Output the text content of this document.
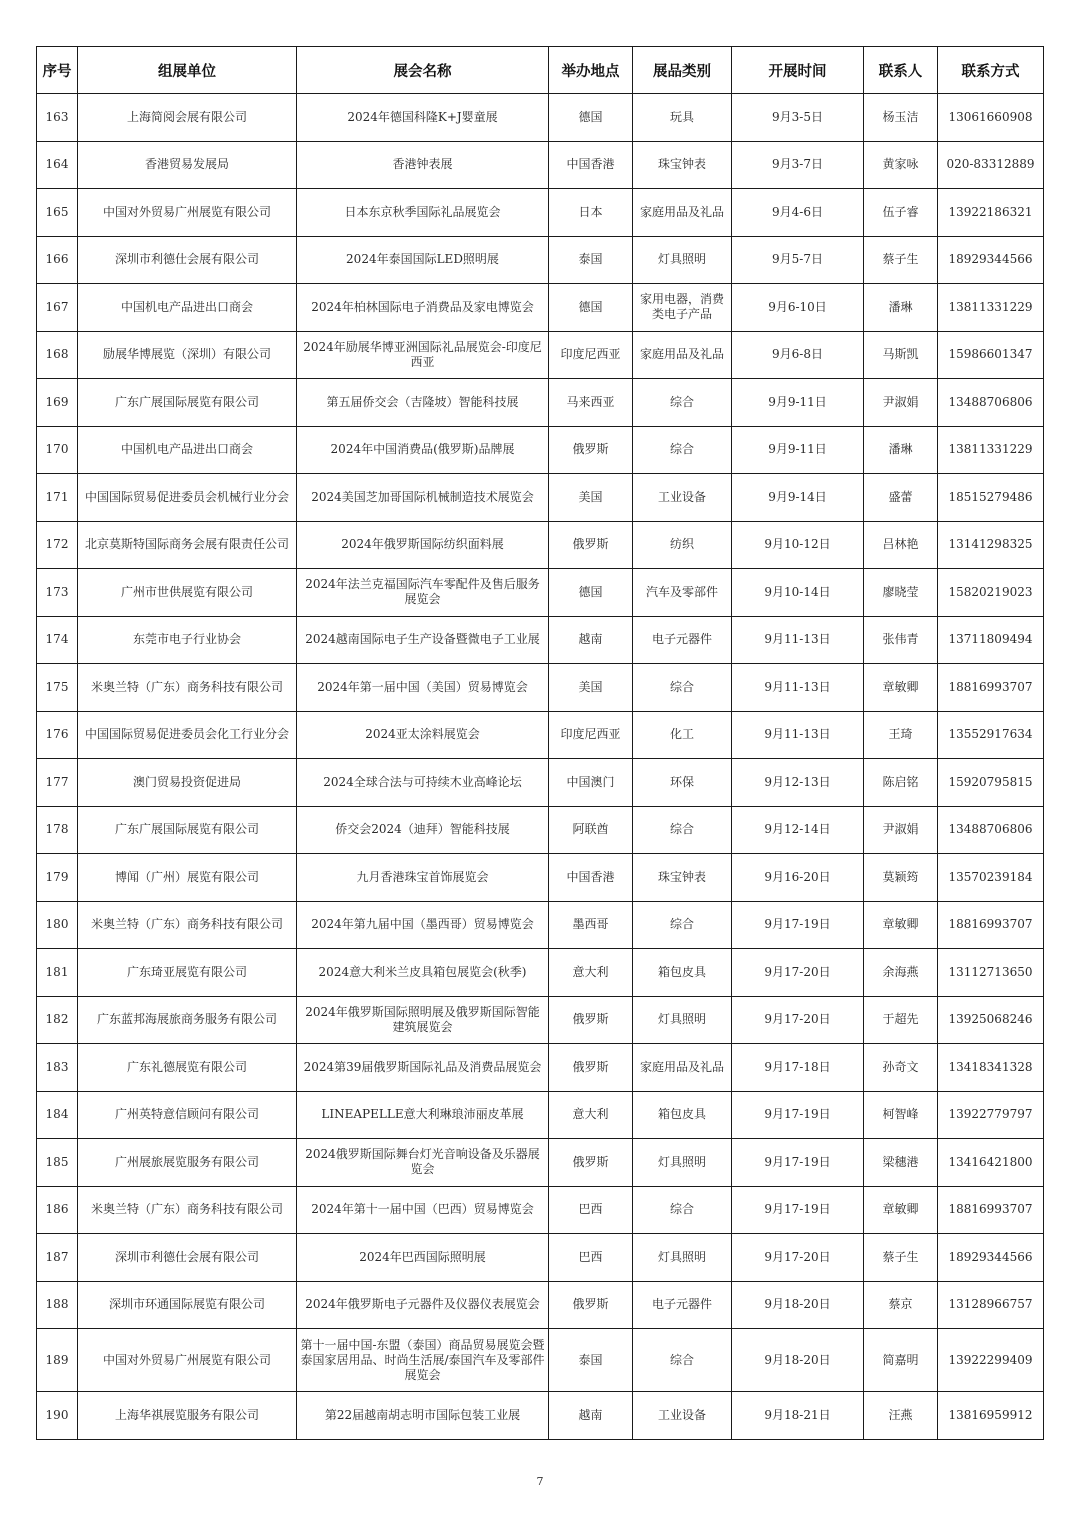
序号	组展单位	展会名称	举办地点	展品类别	开展时间	联系人	联系方式
163	上海简阅会展有限公司	2024年德国科隆K+J婴童展	德国	玩具	9月3-5日	杨玉洁	13061660908
164	香港贸易发展局	香港钟表展	中国香港	珠宝钟表	9月3-7日	黄家咏	020-83312889
165	中国对外贸易广州展览有限公司	日本东京秋季国际礼品展览会	日本	家庭用品及礼品	9月4-6日	伍子睿	13922186321
166	深圳市利德仕会展有限公司	2024年泰国国际LED照明展	泰国	灯具照明	9月5-7日	蔡子生	18929344566
167	中国机电产品进出口商会	2024年柏林国际电子消费品及家电博览会	德国	家用电器，消费类电子产品	9月6-10日	潘琳	13811331229
168	励展华博展览（深圳）有限公司	2024年励展华博亚洲国际礼品展览会-印度尼西亚	印度尼西亚	家庭用品及礼品	9月6-8日	马斯凯	15986601347
169	广东广展国际展览有限公司	第五届侨交会（吉隆坡）智能科技展	马来西亚	综合	9月9-11日	尹淑娟	13488706806
170	中国机电产品进出口商会	2024年中国消费品(俄罗斯)品牌展	俄罗斯	综合	9月9-11日	潘琳	13811331229
171	中国国际贸易促进委员会机械行业分会	2024美国芝加哥国际机械制造技术展览会	美国	工业设备	9月9-14日	盛蕾	18515279486
172	北京莫斯特国际商务会展有限责任公司	2024年俄罗斯国际纺织面料展	俄罗斯	纺织	9月10-12日	吕林艳	13141298325
173	广州市世供展览有限公司	2024年法兰克福国际汽车零配件及售后服务展览会	德国	汽车及零部件	9月10-14日	廖晓莹	15820219023
174	东莞市电子行业协会	2024越南国际电子生产设备暨微电子工业展	越南	电子元器件	9月11-13日	张伟青	13711809494
175	米奥兰特（广东）商务科技有限公司	2024年第一届中国（美国）贸易博览会	美国	综合	9月11-13日	章敏卿	18816993707
176	中国国际贸易促进委员会化工行业分会	2024亚太涂料展览会	印度尼西亚	化工	9月11-13日	王琦	13552917634
177	澳门贸易投资促进局	2024全球合法与可持续木业高峰论坛	中国澳门	环保	9月12-13日	陈启铭	15920795815
178	广东广展国际展览有限公司	侨交会2024（迪拜）智能科技展	阿联酋	综合	9月12-14日	尹淑娟	13488706806
179	博闻（广州）展览有限公司	九月香港珠宝首饰展览会	中国香港	珠宝钟表	9月16-20日	莫颖筠	13570239184
180	米奥兰特（广东）商务科技有限公司	2024年第九届中国（墨西哥）贸易博览会	墨西哥	综合	9月17-19日	章敏卿	18816993707
181	广东琦亚展览有限公司	2024意大利米兰皮具箱包展览会(秋季)	意大利	箱包皮具	9月17-20日	余海燕	13112713650
182	广东蓝邦海展旅商务服务有限公司	2024年俄罗斯国际照明展及俄罗斯国际智能建筑展览会	俄罗斯	灯具照明	9月17-20日	于超先	13925068246
183	广东礼德展览有限公司	2024第39届俄罗斯国际礼品及消费品展览会	俄罗斯	家庭用品及礼品	9月17-18日	孙奇文	13418341328
184	广州英特意信顾问有限公司	LINEAPELLE意大利琳琅沛丽皮革展	意大利	箱包皮具	9月17-19日	柯智峰	13922779797
185	广州展旅展览服务有限公司	2024俄罗斯国际舞台灯光音响设备及乐器展览会	俄罗斯	灯具照明	9月17-19日	梁穗港	13416421800
186	米奥兰特（广东）商务科技有限公司	2024年第十一届中国（巴西）贸易博览会	巴西	综合	9月17-19日	章敏卿	18816993707
187	深圳市利德仕会展有限公司	2024年巴西国际照明展	巴西	灯具照明	9月17-20日	蔡子生	18929344566
188	深圳市环通国际展览有限公司	2024年俄罗斯电子元器件及仪器仪表展览会	俄罗斯	电子元器件	9月18-20日	蔡京	13128966757
189	中国对外贸易广州展览有限公司	第十一届中国-东盟（泰国）商品贸易展览会暨泰国家居用品、时尚生活展/泰国汽车及零部件展览会	泰国	综合	9月18-20日	简嘉明	13922299409
190	上海华祺展览服务有限公司	第22届越南胡志明市国际包装工业展	越南	工业设备	9月18-21日	汪燕	13816959912
7
